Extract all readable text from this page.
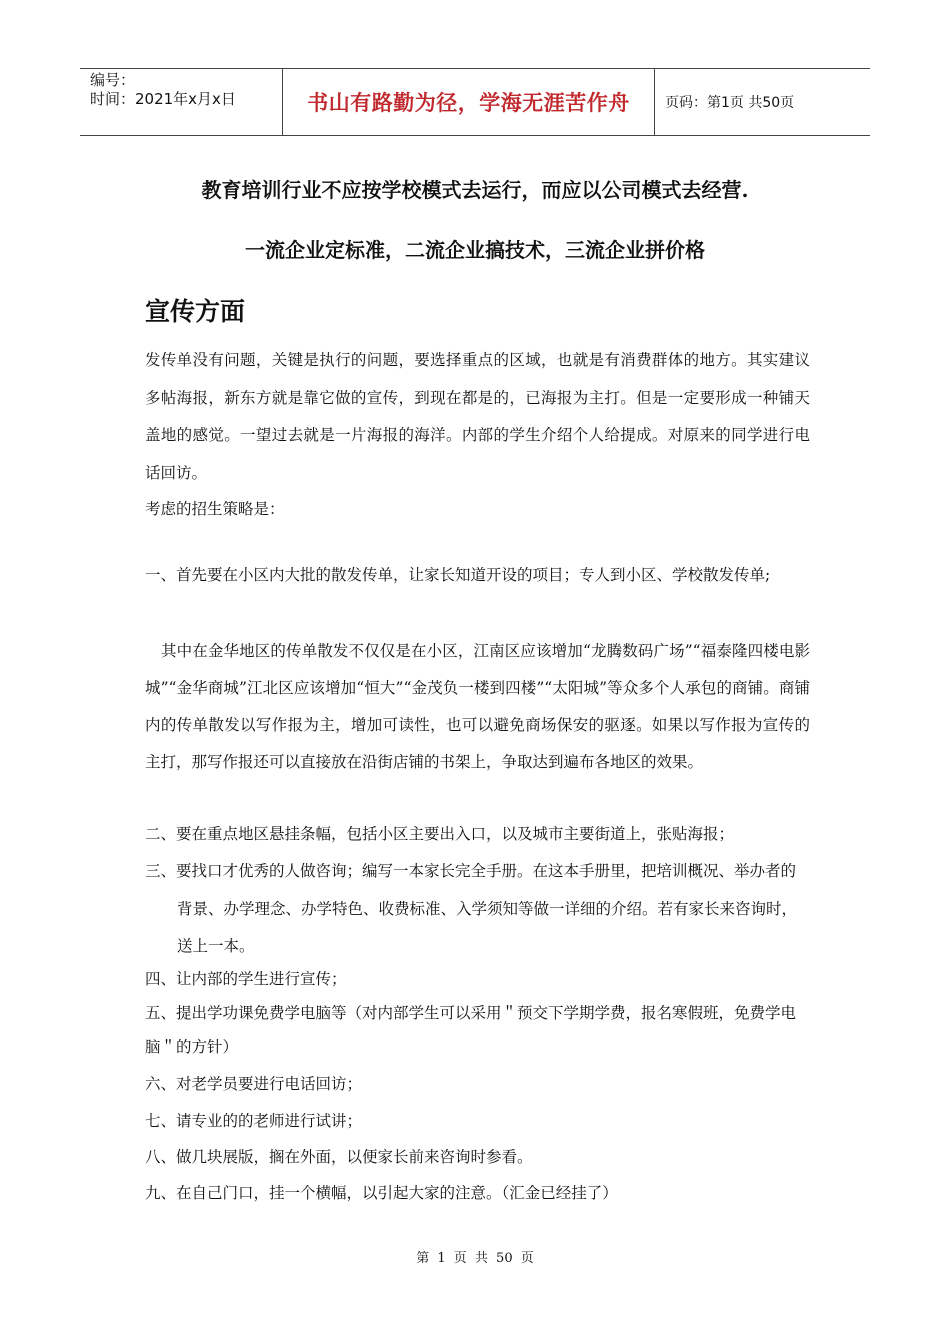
编号：
时间：2021年x月x日	书山有路勤为径，学海无涯苦作舟	页码：第1页 共50页
教育培训行业不应按学校模式去运行，而应以公司模式去经营.
一流企业定标准，二流企业搞技术，三流企业拼价格
宣传方面
发传单没有问题，关键是执行的问题，要选择重点的区域，也就是有消费群体的地方。其实建议多帖海报，新东方就是靠它做的宣传，到现在都是的，已海报为主打。但是一定要形成一种铺天盖地的感觉。一望过去就是一片海报的海洋。内部的学生介绍个人给提成。对原来的同学进行电话回访。
考虑的招生策略是：
一、首先要在小区内大批的散发传单，让家长知道开设的项目；专人到小区、学校散发传单;
其中在金华地区的传单散发不仅仅是在小区，江南区应该增加“龙腾数码广场”“福泰隆四楼电影城”“金华商城”江北区应该增加“恒大”“金茂负一楼到四楼”“太阳城”等众多个人承包的商铺。商铺内的传单散发以写作报为主，增加可读性，也可以避免商场保安的驱逐。如果以写作报为宣传的主打，那写作报还可以直接放在沿街店铺的书架上，争取达到遍布各地区的效果。
二、要在重点地区悬挂条幅，包括小区主要出入口，以及城市主要街道上，张贴海报；
三、要找口才优秀的人做咨询；编写一本家长完全手册。在这本手册里，把培训概况、举办者的背景、办学理念、办学特色、收费标准、入学须知等做一详细的介绍。若有家长来咨询时，送上一本。
四、让内部的学生进行宣传；
五、提出学功课免费学电脑等（对内部学生可以采用＂预交下学期学费，报名寒假班，免费学电脑＂的方针）
六、对老学员要进行电话回访；
七、请专业的的老师进行试讲；
八、做几块展版，搁在外面，以便家长前来咨询时参看。
九、在自己门口，挂一个横幅，以引起大家的注意。（汇金已经挂了）
第 1 页 共 50 页
